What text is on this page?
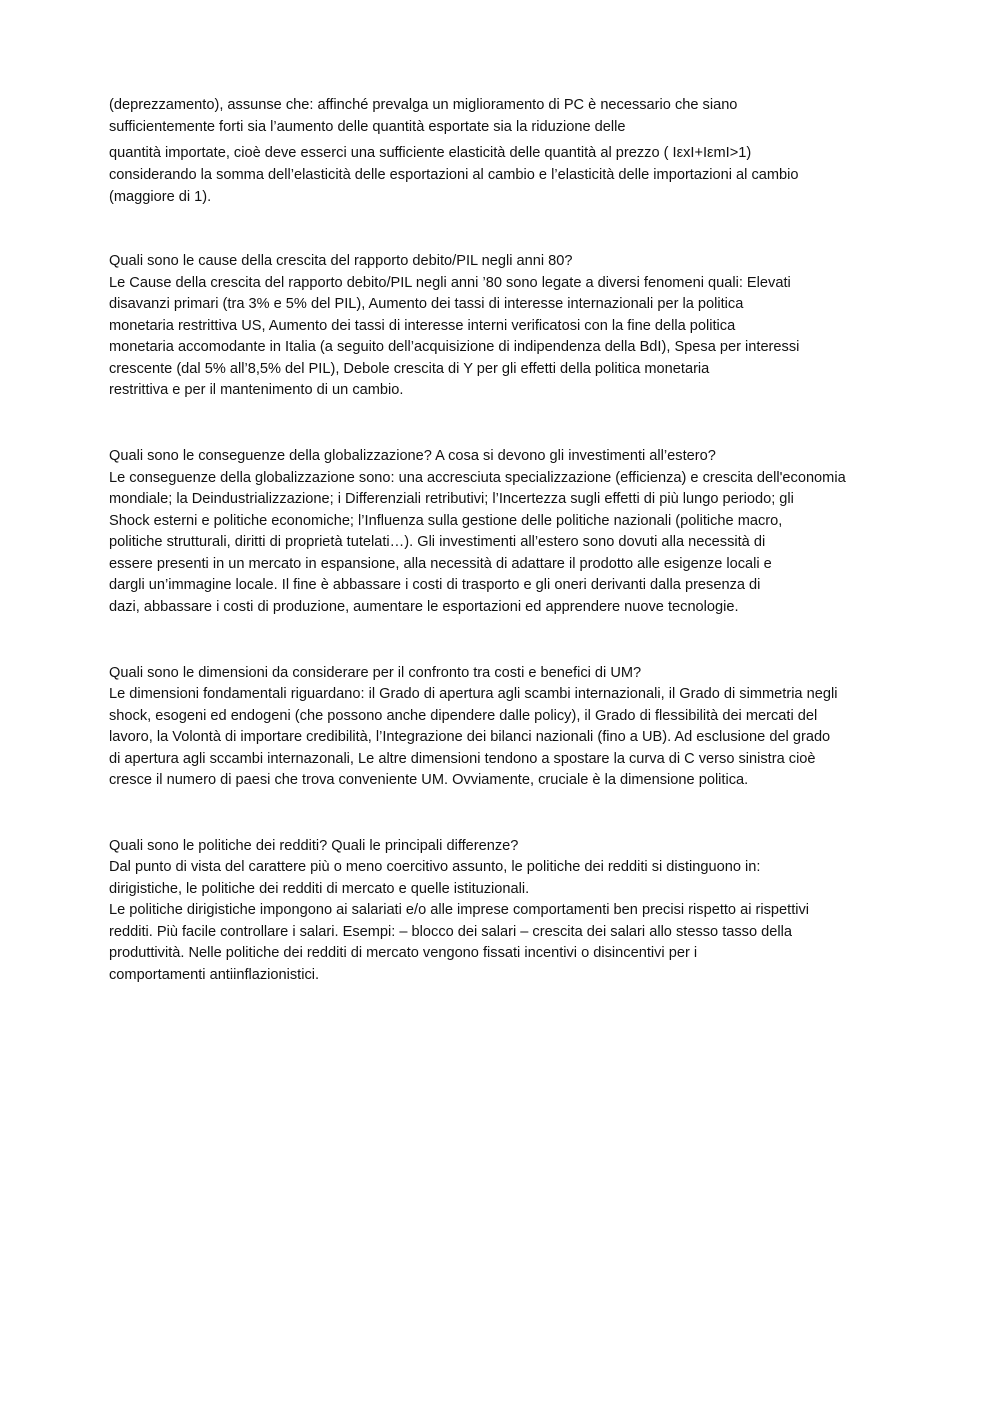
(deprezzamento), assunse che: affinché prevalga un miglioramento di PC è necessario che siano
sufficientemente forti sia l’aumento delle quantità esportate sia la riduzione delle
quantità importate, cioè deve esserci una sufficiente elasticità delle quantità al prezzo ( IεxI+IεmI>1)
considerando la somma dell’elasticità delle esportazioni al cambio e l’elasticità delle importazioni al cambio
(maggiore di 1).
Quali sono le cause della crescita del rapporto debito/PIL negli anni 80?
Le Cause della crescita del rapporto debito/PIL negli anni ’80 sono legate a diversi fenomeni quali: Elevati
disavanzi primari (tra 3% e 5% del PIL), Aumento dei tassi di interesse internazionali per la politica
monetaria restrittiva US, Aumento dei tassi di interesse interni verificatosi con la fine della politica
monetaria accomodante in Italia (a seguito dell’acquisizione di indipendenza della BdI), Spesa per interessi
crescente (dal 5% all’8,5% del PIL), Debole crescita di Y per gli effetti della politica monetaria
restrittiva e per il mantenimento di un cambio.
Quali sono le conseguenze della globalizzazione? A cosa si devono gli investimenti all’estero?
Le conseguenze della globalizzazione sono: una accresciuta specializzazione (efficienza) e crescita dell'economia
mondiale; la Deindustrializzazione; i Differenziali retributivi; l’Incertezza sugli effetti di più lungo periodo; gli
Shock esterni e politiche economiche; l’Influenza sulla gestione delle politiche nazionali (politiche macro,
politiche strutturali, diritti di proprietà tutelati…). Gli investimenti all’estero sono dovuti alla necessità di
essere presenti in un mercato in espansione, alla necessità di adattare il prodotto alle esigenze locali e
dargli un’immagine locale. Il fine è abbassare i costi di trasporto e gli oneri derivanti dalla presenza di
dazi, abbassare i costi di produzione, aumentare le esportazioni ed apprendere nuove tecnologie.
Quali sono le dimensioni da considerare per il confronto tra costi e benefici di UM?
Le dimensioni fondamentali riguardano: il Grado di apertura agli scambi internazionali, il Grado di simmetria negli
shock, esogeni ed endogeni (che possono anche dipendere dalle policy), il Grado di flessibilità dei mercati del
lavoro, la Volontà di importare credibilità, l’Integrazione dei bilanci nazionali (fino a UB). Ad esclusione del grado
di apertura agli sccambi internazonali, Le altre dimensioni tendono a spostare la curva di C verso sinistra cioè
cresce il numero di paesi che trova conveniente UM. Ovviamente, cruciale è la dimensione politica.
Quali sono le politiche dei redditi? Quali le principali differenze?
Dal punto di vista del carattere più o meno coercitivo assunto, le politiche dei redditi si distinguono in:
dirigistiche, le politiche dei redditi di mercato e quelle istituzionali.
Le politiche dirigistiche impongono ai salariati e/o alle imprese comportamenti ben precisi rispetto ai rispettivi
redditi. Più facile controllare i salari. Esempi: – blocco dei salari – crescita dei salari allo stesso tasso della
produttività. Nelle politiche dei redditi di mercato vengono fissati incentivi o disincentivi per i
comportamenti antiinflazionistici.
